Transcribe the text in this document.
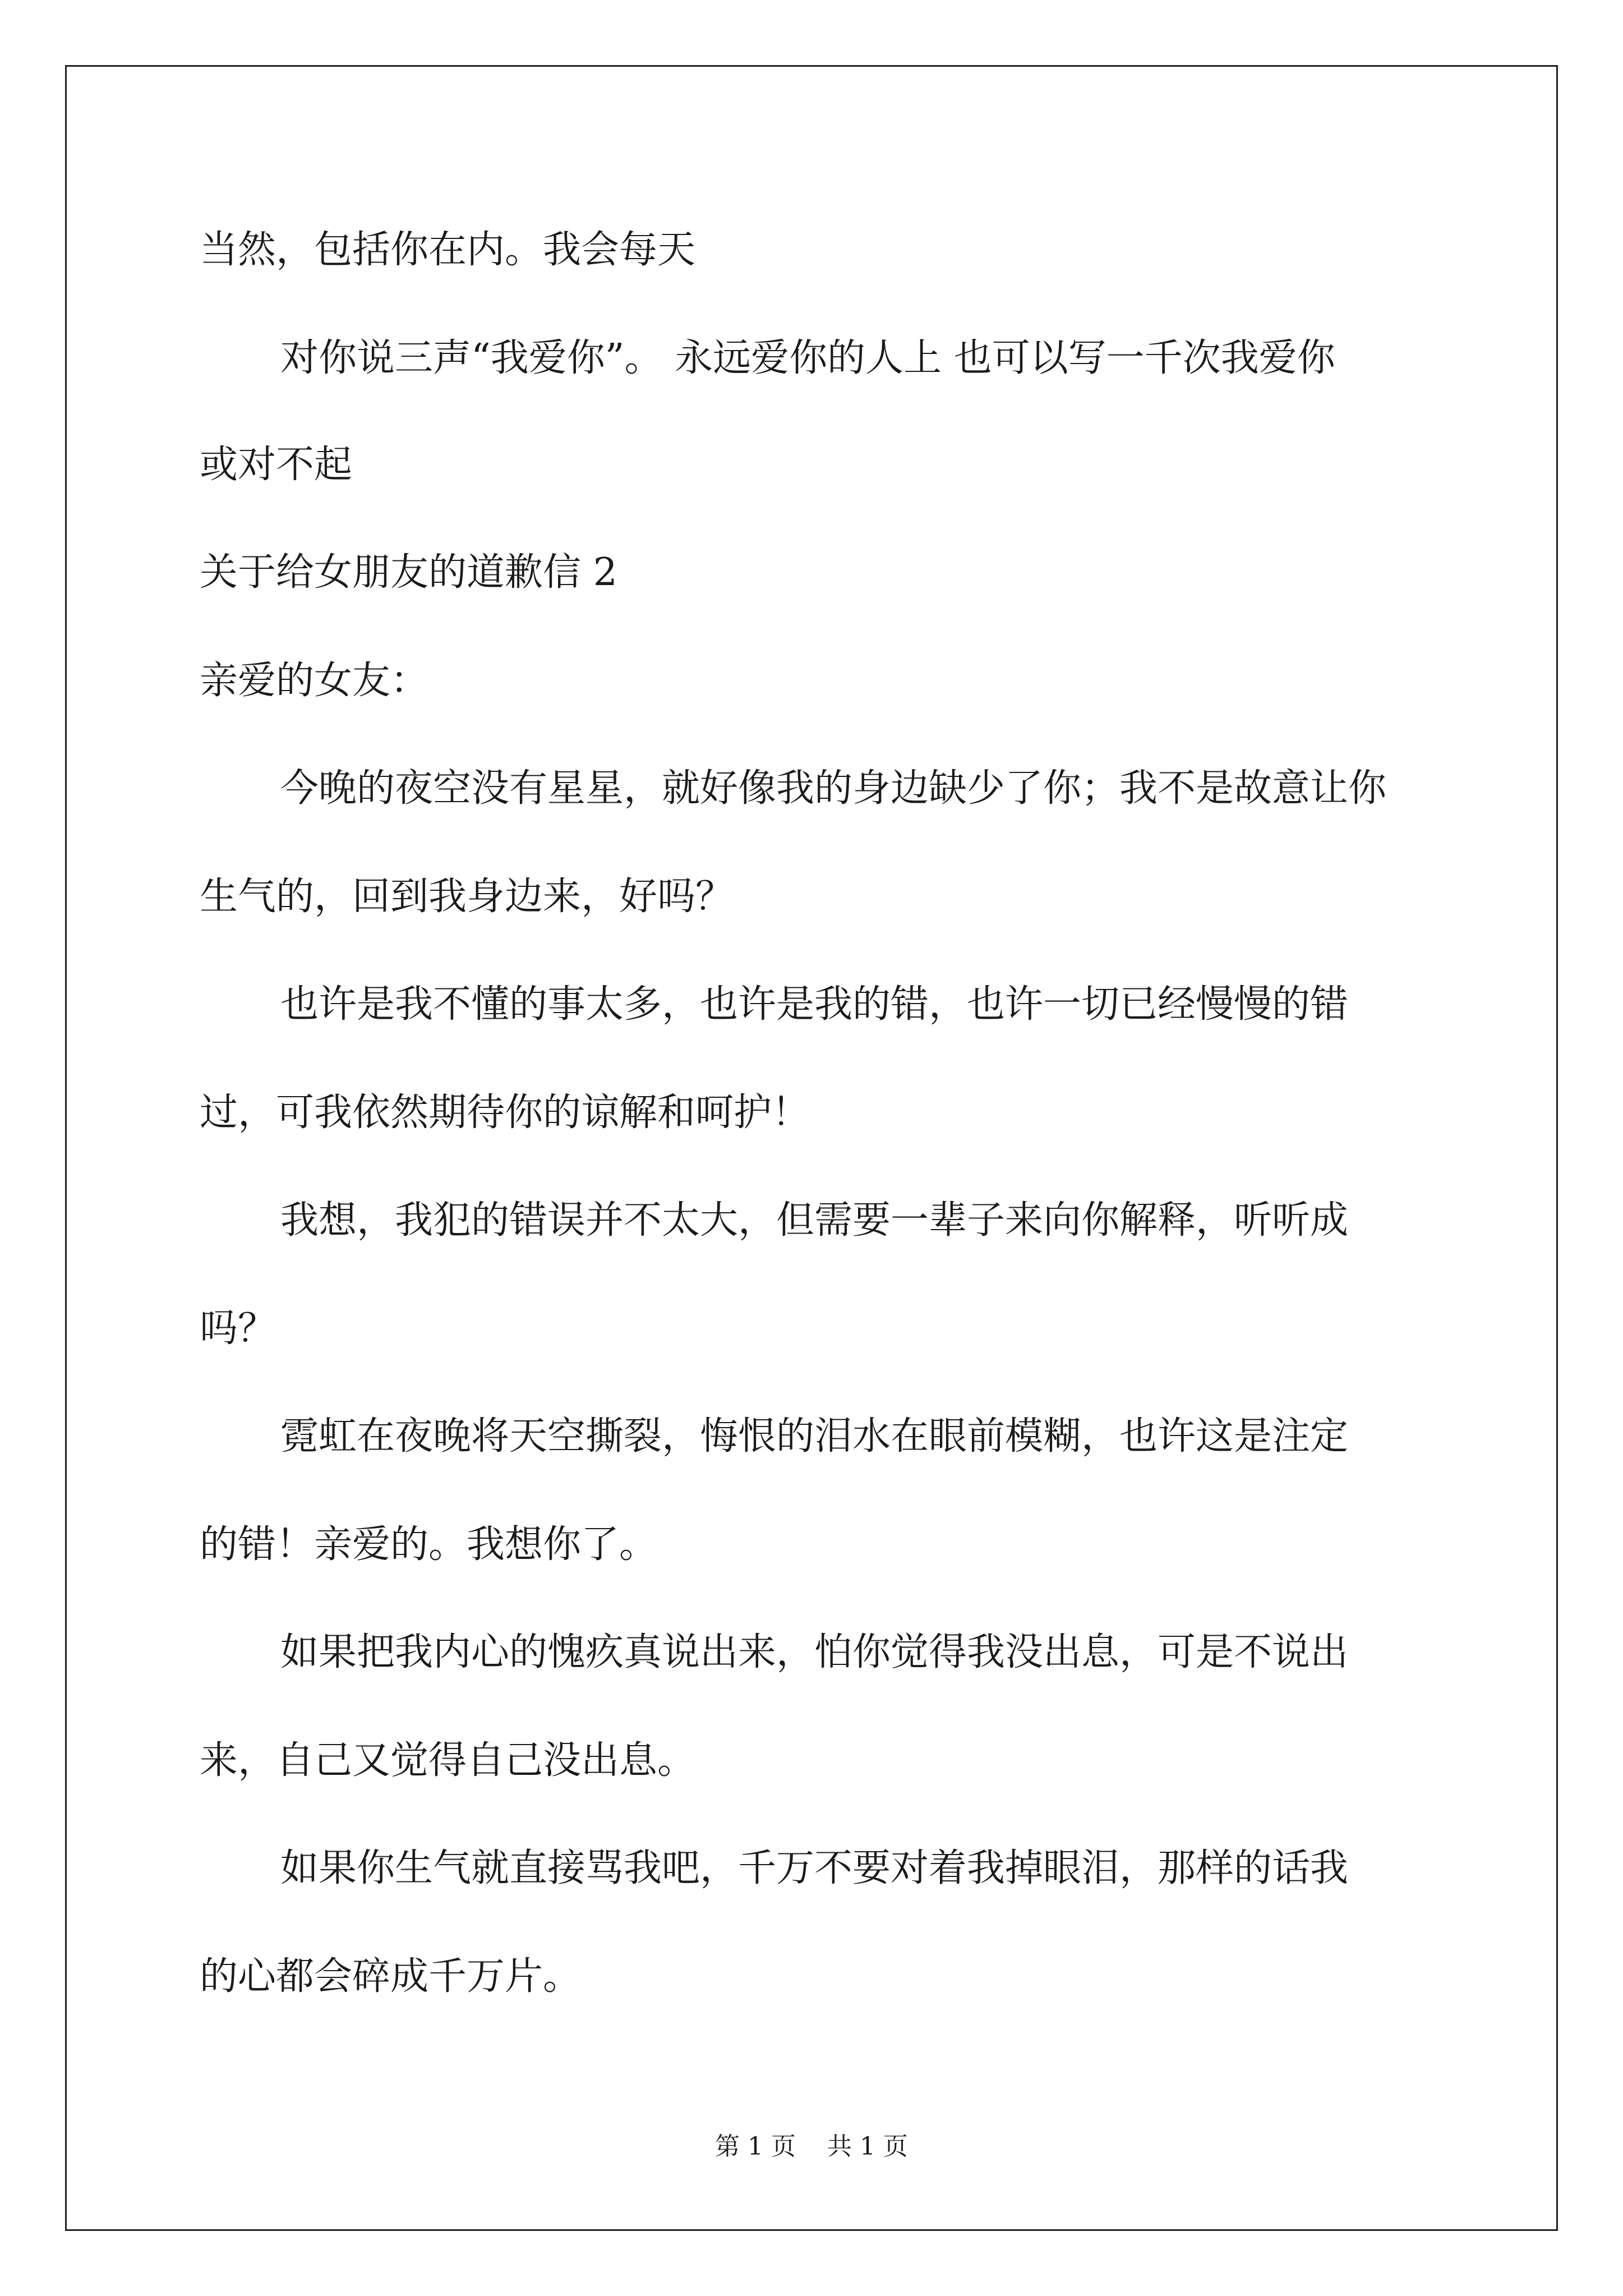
当然，包括你在内。我会每天
对你说三声“我爱你”。 永远爱你的人上 也可以写一千次我爱你
或对不起
关于给女朋友的道歉信 2
亲爱的女友：
今晚的夜空没有星星，就好像我的身边缺少了你；我不是故意让你
生气的，回到我身边来，好吗？
也许是我不懂的事太多，也许是我的错，也许一切已经慢慢的错
过，可我依然期待你的谅解和呵护！
我想，我犯的错误并不太大，但需要一辈子来向你解释，听听成
吗？
霓虹在夜晚将天空撕裂，悔恨的泪水在眼前模糊，也许这是注定
的错！亲爱的。我想你了。
如果把我内心的愧疚真说出来，怕你觉得我没出息，可是不说出
来，自己又觉得自己没出息。
如果你生气就直接骂我吧，千万不要对着我掉眼泪，那样的话我
的心都会碎成千万片。
第 1 页    共 1 页
